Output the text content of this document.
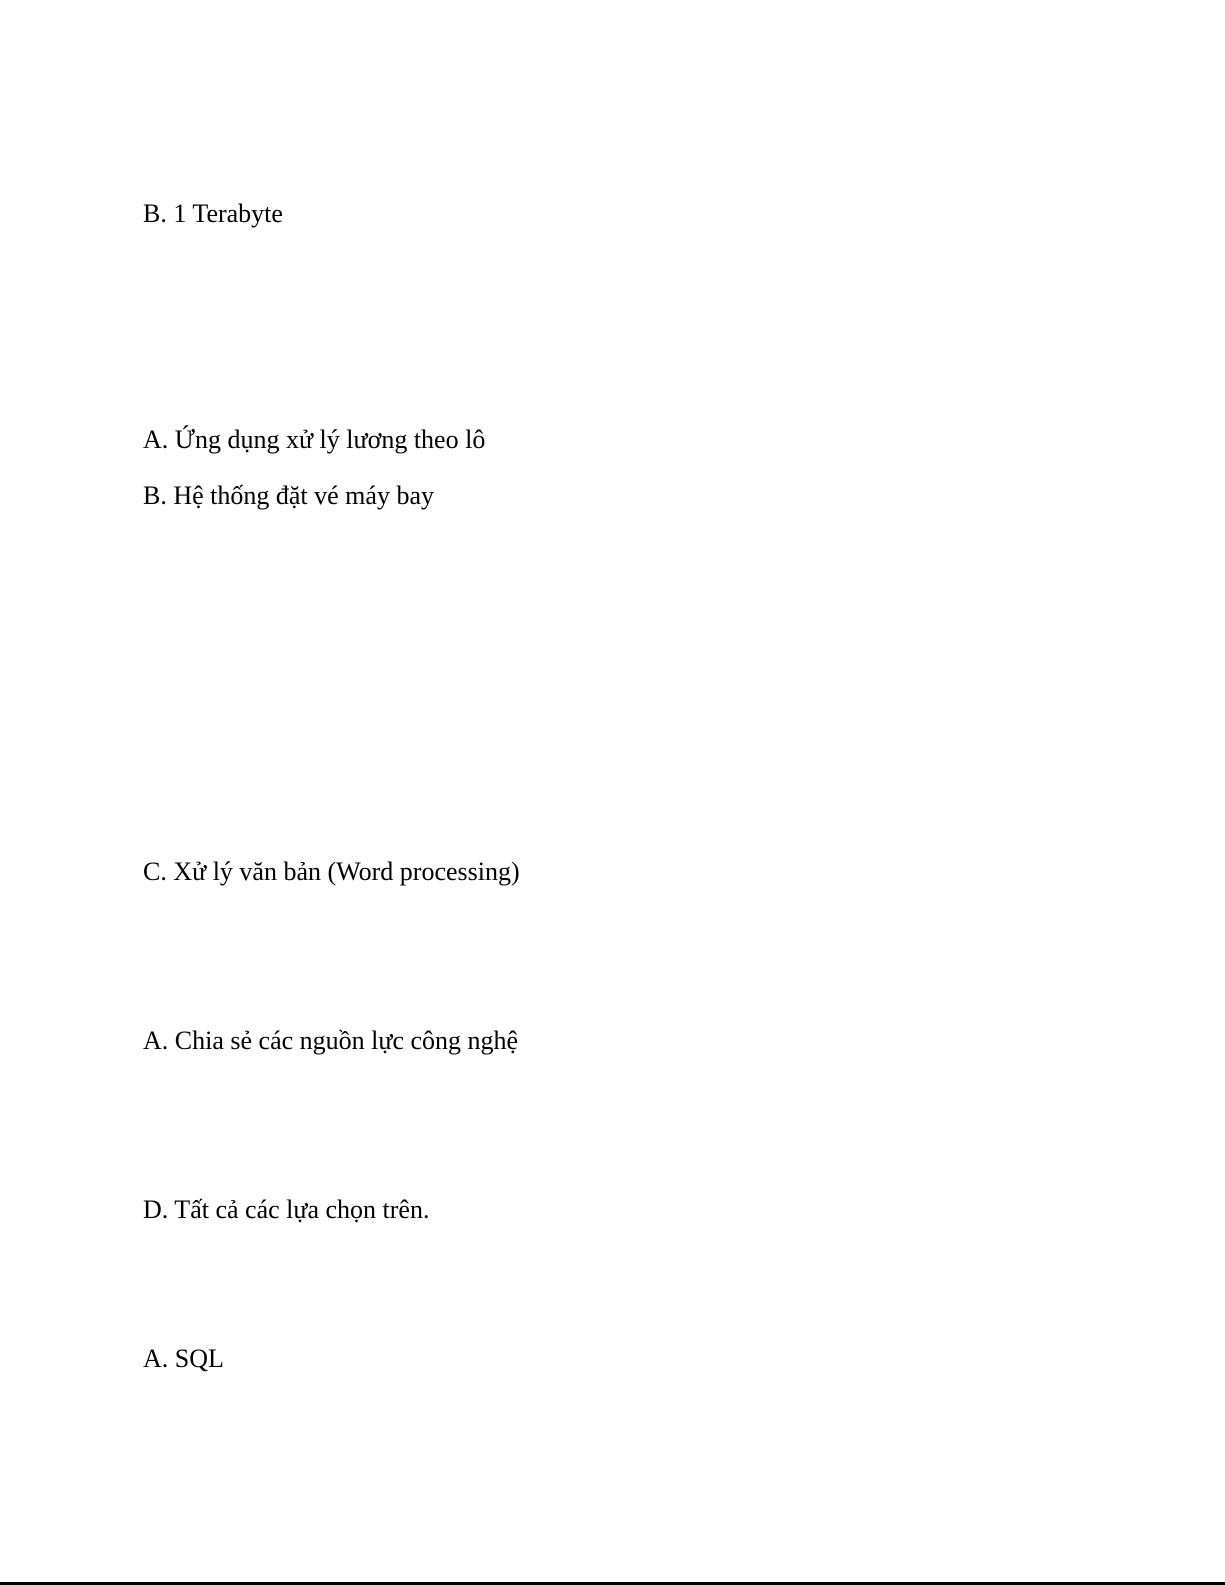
B. 1 Terabyte

A. Ứng dụng xử lý lương theo lô

B. Hệ thống đặt vé máy bay

C. Xử lý văn bản (Word processing)

A. Chia sẻ các nguồn lực công nghệ

D. Tất cả các lựa chọn trên.

A. SQL
